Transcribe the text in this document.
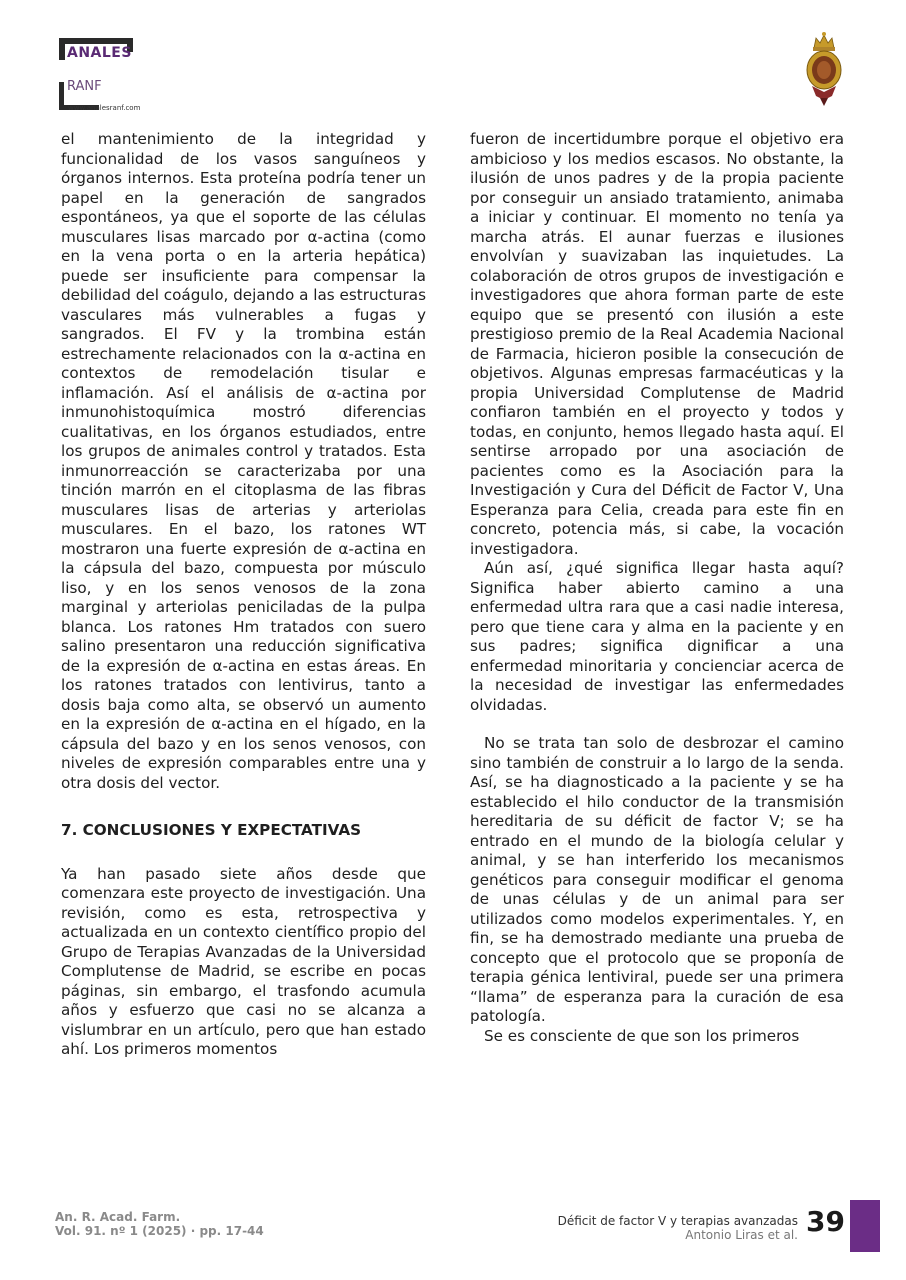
ANALES
RANF
www.analesranf.com

el mantenimiento de la integridad y funcionalidad de los vasos sanguíneos y órganos internos. Esta proteína podría tener un papel en la generación de sangrados espontáneos, ya que el soporte de las células musculares lisas marcado por α-actina (como en la vena porta o en la arteria hepática) puede ser insuficiente para compensar la debilidad del coágulo, dejando a las estructuras vasculares más vulnerables a fugas y sangrados. El FV y la trombina están estrechamente relacionados con la α-actina en contextos de remodelación tisular e inflamación. Así el análisis de α-actina por inmunohistoquímica mostró diferencias cualitativas, en los órganos estudiados, entre los grupos de animales control y tratados. Esta inmunorreacción se caracterizaba por una tinción marrón en el citoplasma de las fibras musculares lisas de arterias y arteriolas musculares. En el bazo, los ratones WT mostraron una fuerte expresión de α-actina en la cápsula del bazo, compuesta por músculo liso, y en los senos venosos de la zona marginal y arteriolas peniciladas de la pulpa blanca. Los ratones Hm tratados con suero salino presentaron una reducción significativa de la expresión de α-actina en estas áreas. En los ratones tratados con lentivirus, tanto a dosis baja como alta, se observó un aumento en la expresión de α-actina en el hígado, en la cápsula del bazo y en los senos venosos, con niveles de expresión comparables entre una y otra dosis del vector.

7. CONCLUSIONES Y EXPECTATIVAS

Ya han pasado siete años desde que comenzara este proyecto de investigación. Una revisión, como es esta, retrospectiva y actualizada en un contexto científico propio del Grupo de Terapias Avanzadas de la Universidad Complutense de Madrid, se escribe en pocas páginas, sin embargo, el trasfondo acumula años y esfuerzo que casi no se alcanza a vislumbrar en un artículo, pero que han estado ahí. Los primeros momentos

fueron de incertidumbre porque el objetivo era ambicioso y los medios escasos. No obstante, la ilusión de unos padres y de la propia paciente por conseguir un ansiado tratamiento, animaba a iniciar y continuar. El momento no tenía ya marcha atrás. El aunar fuerzas e ilusiones envolvían y suavizaban las inquietudes. La colaboración de otros grupos de investigación e investigadores que ahora forman parte de este equipo que se presentó con ilusión a este prestigioso premio de la Real Academia Nacional de Farmacia, hicieron posible la consecución de objetivos. Algunas empresas farmacéuticas y la propia Universidad Complutense de Madrid confiaron también en el proyecto y todos y todas, en conjunto, hemos llegado hasta aquí. El sentirse arropado por una asociación de pacientes como es la Asociación para la Investigación y Cura del Déficit de Factor V, Una Esperanza para Celia, creada para este fin en concreto, potencia más, si cabe, la vocación investigadora.

Aún así, ¿qué significa llegar hasta aquí? Significa haber abierto camino a una enfermedad ultra rara que a casi nadie interesa, pero que tiene cara y alma en la paciente y en sus padres; significa dignificar a una enfermedad minoritaria y concienciar acerca de la necesidad de investigar las enfermedades olvidadas.

No se trata tan solo de desbrozar el camino sino también de construir a lo largo de la senda. Así, se ha diagnosticado a la paciente y se ha establecido el hilo conductor de la transmisión hereditaria de su déficit de factor V; se ha entrado en el mundo de la biología celular y animal, y se han interferido los mecanismos genéticos para conseguir modificar el genoma de unas células y de un animal para ser utilizados como modelos experimentales. Y, en fin, se ha demostrado mediante una prueba de concepto que el protocolo que se proponía de terapia génica lentiviral, puede ser una primera “llama” de esperanza para la curación de esa patología.

Se es consciente de que son los primeros

An. R. Acad. Farm.
Vol. 91. nº 1 (2025) · pp. 17-44
Déficit de factor V y terapias avanzadas
Antonio Liras et al. 39
